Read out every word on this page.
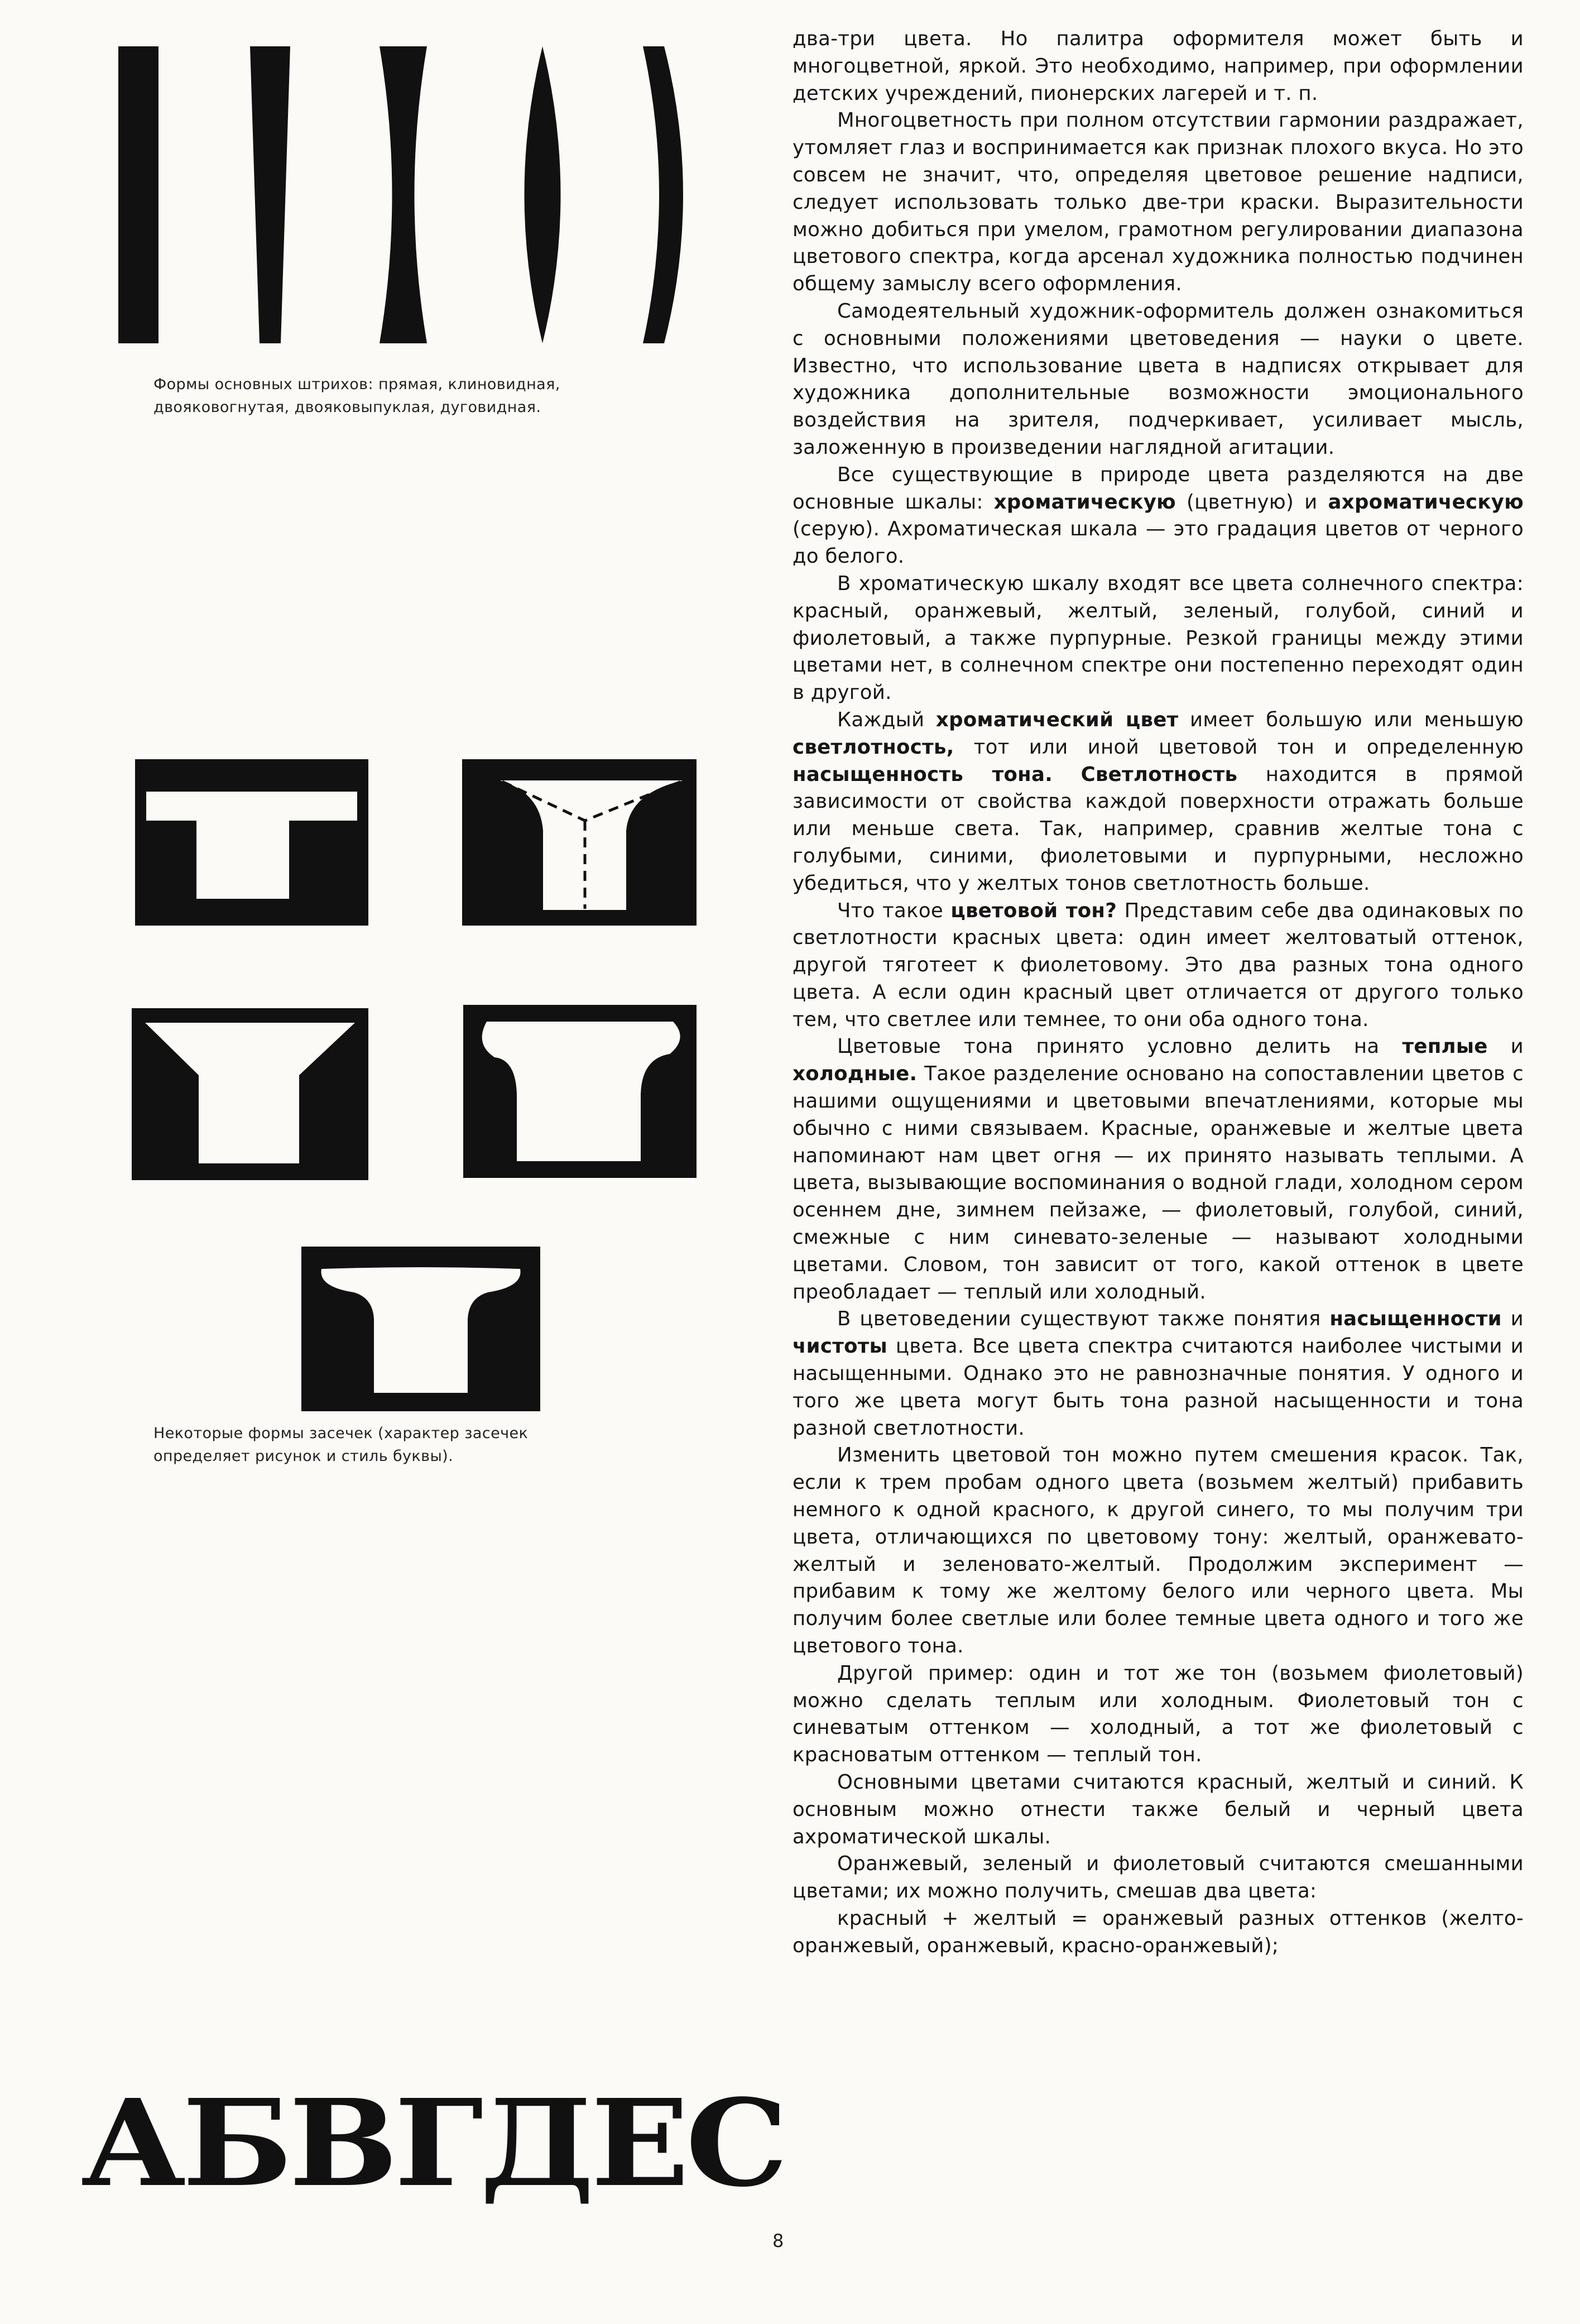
Формы основных штрихов: прямая, клиновидная,

двояковогнутая, двояковыпуклая, дуговидная.

Некоторые формы засечек (характер засечек

определяет рисунок и стиль буквы).

АБВГДЕС

два-три цвета. Но палитра оформителя может быть и многоцветной, яркой. Это необходимо, например, при оформлении детских учреждений, пионерских лагерей и т. п.

Многоцветность при полном отсутствии гармонии раздражает, утомляет глаз и воспринимается как признак плохого вкуса. Но это совсем не значит, что, определяя цветовое решение надписи, следует использовать только две-три краски. Выразительности можно добиться при умелом, грамотном регулировании диапазона цветового спектра, когда арсенал художника полностью подчинен общему замыслу всего оформления.

Самодеятельный художник-оформитель должен ознакомиться с основными положениями цветоведения — науки о цвете. Известно, что использование цвета в надписях открывает для художника дополнительные возможности эмоционального воздействия на зрителя, подчеркивает, усиливает мысль, заложенную в произведении наглядной агитации.

Все существующие в природе цвета разделяются на две основные шкалы: хроматическую (цветную) и ахроматическую (серую). Ахроматическая шкала — это градация цветов от черного до белого.

В хроматическую шкалу входят все цвета солнечного спектра: красный, оранжевый, желтый, зеленый, голубой, синий и фиолетовый, а также пурпурные. Резкой границы между этими цветами нет, в солнечном спектре они постепенно переходят один в другой.

Каждый хроматический цвет имеет большую или меньшую светлотность, тот или иной цветовой тон и определенную насыщенность тона. Светлотность находится в прямой зависимости от свойства каждой поверхности отражать больше или меньше света. Так, например, сравнив желтые тона с голубыми, синими, фиолетовыми и пурпурными, несложно убедиться, что у желтых тонов светлотность больше.

Что такое цветовой тон? Представим себе два одинаковых по светлотности красных цвета: один имеет желтоватый оттенок, другой тяготеет к фиолетовому. Это два разных тона одного цвета. А если один красный цвет отличается от другого только тем, что светлее или темнее, то они оба одного тона.

Цветовые тона принято условно делить на теплые и холодные. Такое разделение основано на сопоставлении цветов с нашими ощущениями и цветовыми впечатлениями, которые мы обычно с ними связываем. Красные, оранжевые и желтые цвета напоминают нам цвет огня — их принято называть теплыми. А цвета, вызывающие воспоминания о водной глади, холодном сером осеннем дне, зимнем пейзаже, — фиолетовый, голубой, синий, смежные с ним синевато-зеленые — называют холодными цветами. Словом, тон зависит от того, какой оттенок в цвете преобладает — теплый или холодный.

В цветоведении существуют также понятия насыщенности и чистоты цвета. Все цвета спектра считаются наиболее чистыми и насыщенными. Однако это не равнозначные понятия. У одного и того же цвета могут быть тона разной насыщенности и тона разной светлотности.

Изменить цветовой тон можно путем смешения красок. Так, если к трем пробам одного цвета (возьмем желтый) прибавить немного к одной красного, к другой синего, то мы получим три цвета, отличающихся по цветовому тону: желтый, оранжевато-желтый и зеленовато-желтый. Продолжим эксперимент — прибавим к тому же желтому белого или черного цвета. Мы получим более светлые или более темные цвета одного и того же цветового тона.

Другой пример: один и тот же тон (возьмем фиолетовый) можно сделать теплым или холодным. Фиолетовый тон с синеватым оттенком — холодный, а тот же фиолетовый с красноватым оттенком — теплый тон.

Основными цветами считаются красный, желтый и синий. К основным можно отнести также белый и черный цвета ахроматической шкалы.

Оранжевый, зеленый и фиолетовый считаются смешанными цветами; их можно получить, смешав два цвета:

красный + желтый = оранжевый разных оттенков (желто-оранжевый, оранжевый, красно-оранжевый);

8
